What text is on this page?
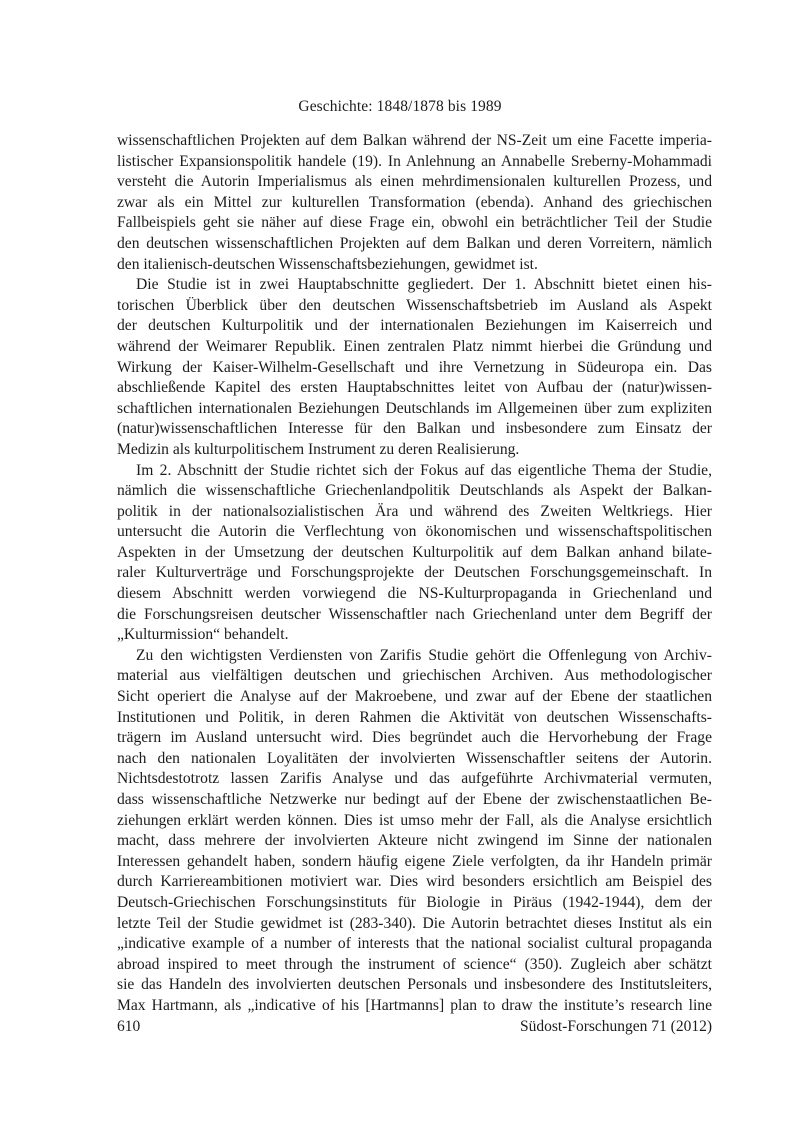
Geschichte: 1848/1878 bis 1989
wissenschaftlichen Projekten auf dem Balkan während der NS-Zeit um eine Facette imperia-
listischer Expansionspolitik handele (19). In Anlehnung an Annabelle Sreberny-Mohammadi
versteht die Autorin Imperialismus als einen mehrdimensionalen kulturellen Prozess, und
zwar als ein Mittel zur kulturellen Transformation (ebenda). Anhand des griechischen
Fallbeispiels geht sie näher auf diese Frage ein, obwohl ein beträchtlicher Teil der Studie
den deutschen wissenschaftlichen Projekten auf dem Balkan und deren Vorreitern, nämlich
den italienisch-deutschen Wissenschaftsbeziehungen, gewidmet ist.
Die Studie ist in zwei Hauptabschnitte gegliedert. Der 1. Abschnitt bietet einen his-
torischen Überblick über den deutschen Wissenschaftsbetrieb im Ausland als Aspekt
der deutschen Kulturpolitik und der internationalen Beziehungen im Kaiserreich und
während der Weimarer Republik. Einen zentralen Platz nimmt hierbei die Gründung und
Wirkung der Kaiser-Wilhelm-Gesellschaft und ihre Vernetzung in Südeuropa ein. Das
abschließende Kapitel des ersten Hauptabschnittes leitet von Aufbau der (natur)wissen-
schaftlichen internationalen Beziehungen Deutschlands im Allgemeinen über zum expliziten
(natur)wissenschaftlichen Interesse für den Balkan und insbesondere zum Einsatz der
Medizin als kulturpolitischem Instrument zu deren Realisierung.
Im 2. Abschnitt der Studie richtet sich der Fokus auf das eigentliche Thema der Studie,
nämlich die wissenschaftliche Griechenlandpolitik Deutschlands als Aspekt der Balkan-
politik in der nationalsozialistischen Ära und während des Zweiten Weltkriegs. Hier
untersucht die Autorin die Verflechtung von ökonomischen und wissenschaftspolitischen
Aspekten in der Umsetzung der deutschen Kulturpolitik auf dem Balkan anhand bilate-
raler Kulturverträge und Forschungsprojekte der Deutschen Forschungsgemeinschaft. In
diesem Abschnitt werden vorwiegend die NS-Kulturpropaganda in Griechenland und
die Forschungsreisen deutscher Wissenschaftler nach Griechenland unter dem Begriff der
„Kulturmission“ behandelt.
Zu den wichtigsten Verdiensten von Zarifis Studie gehört die Offenlegung von Archiv-
material aus vielfältigen deutschen und griechischen Archiven. Aus methodologischer
Sicht operiert die Analyse auf der Makroebene, und zwar auf der Ebene der staatlichen
Institutionen und Politik, in deren Rahmen die Aktivität von deutschen Wissenschafts-
trägern im Ausland untersucht wird. Dies begründet auch die Hervorhebung der Frage
nach den nationalen Loyalitäten der involvierten Wissenschaftler seitens der Autorin.
Nichtsdestotrotz lassen Zarifis Analyse und das aufgeführte Archivmaterial vermuten,
dass wissenschaftliche Netzwerke nur bedingt auf der Ebene der zwischenstaatlichen Be-
ziehungen erklärt werden können. Dies ist umso mehr der Fall, als die Analyse ersichtlich
macht, dass mehrere der involvierten Akteure nicht zwingend im Sinne der nationalen
Interessen gehandelt haben, sondern häufig eigene Ziele verfolgten, da ihr Handeln primär
durch Karriereambitionen motiviert war. Dies wird besonders ersichtlich am Beispiel des
Deutsch-Griechischen Forschungsinstituts für Biologie in Piräus (1942-1944), dem der
letzte Teil der Studie gewidmet ist (283-340). Die Autorin betrachtet dieses Institut als ein
„indicative example of a number of interests that the national socialist cultural propaganda
abroad inspired to meet through the instrument of science“ (350). Zugleich aber schätzt
sie das Handeln des involvierten deutschen Personals und insbesondere des Institutsleiters,
Max Hartmann, als „indicative of his [Hartmanns] plan to draw the institute’s research line
610	Südost-Forschungen 71 (2012)
